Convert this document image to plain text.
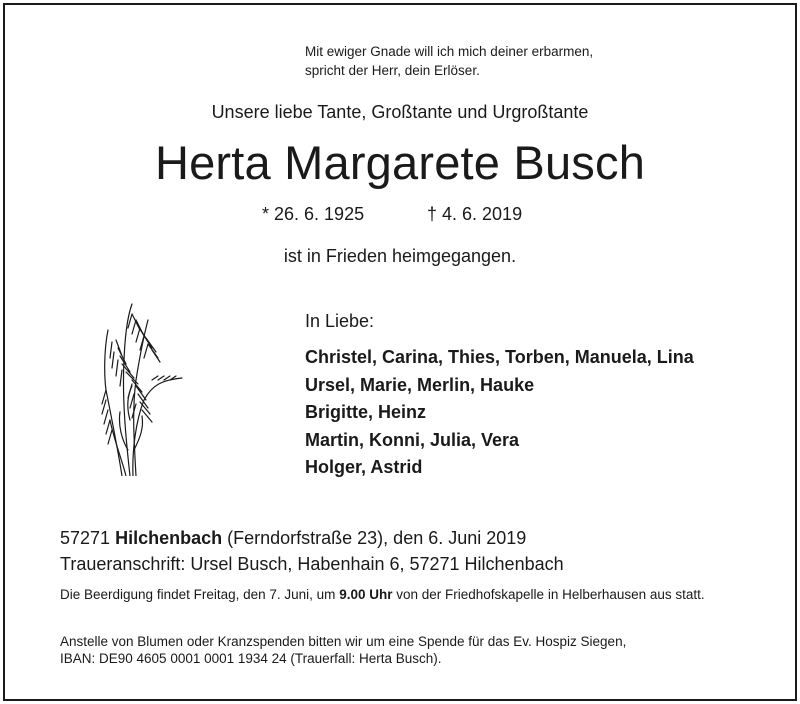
Mit ewiger Gnade will ich mich deiner erbarmen,
spricht der Herr, dein Erlöser.
Unsere liebe Tante, Großtante und Urgroßtante
Herta Margarete Busch
* 26. 6. 1925	† 4. 6. 2019
ist in Frieden heimgegangen.
In Liebe:
Christel, Carina, Thies, Torben, Manuela, Lina
Ursel, Marie, Merlin, Hauke
Brigitte, Heinz
Martin, Konni, Julia, Vera
Holger, Astrid
57271 Hilchenbach (Ferndorfstraße 23), den 6. Juni 2019
Traueranschrift: Ursel Busch, Habenhain 6, 57271 Hilchenbach
Die Beerdigung findet Freitag, den 7. Juni, um 9.00 Uhr von der Friedhofskapelle in Helberhausen aus statt.
Anstelle von Blumen oder Kranzspenden bitten wir um eine Spende für das Ev. Hospiz Siegen,
IBAN: DE90 4605 0001 0001 1934 24 (Trauerfall: Herta Busch).
